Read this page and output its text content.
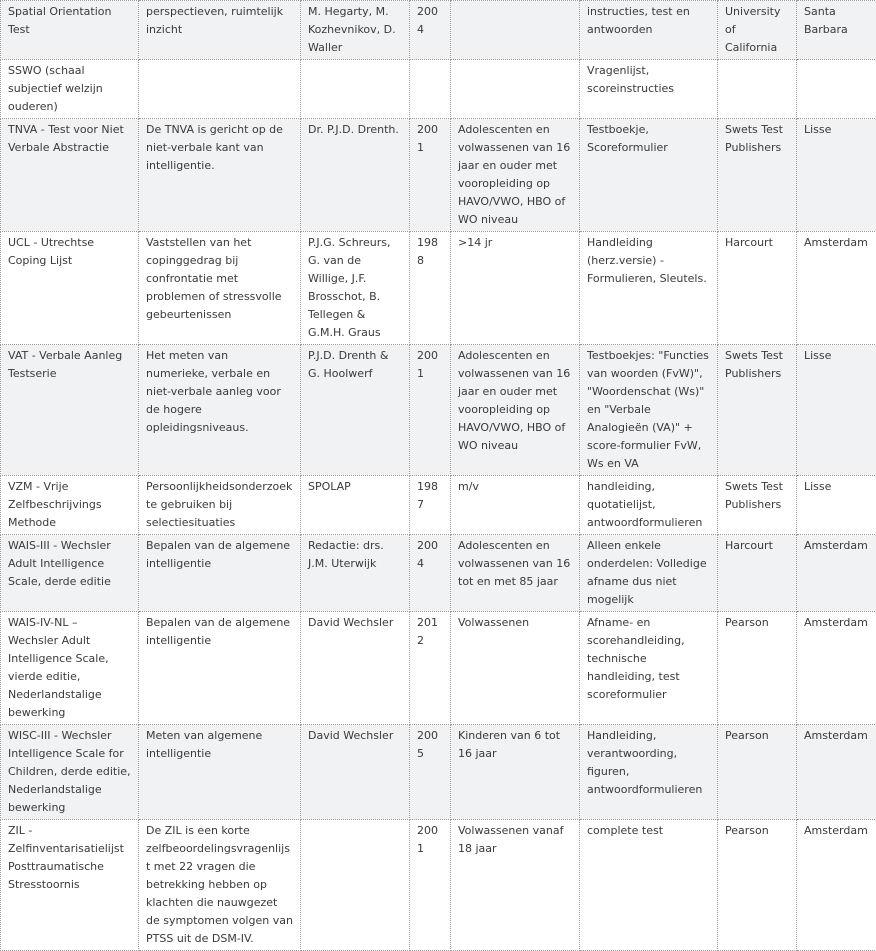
Spatial Orientation Test	perspectieven, ruimtelijk inzicht	M. Hegarty, M. Kozhevnikov, D. Waller	2004		instructies, test en antwoorden	University of California	Santa Barbara
SSWO (schaal subjectief welzijn ouderen)					Vragenlijst, scoreinstructies		
TNVA - Test voor Niet Verbale Abstractie	De TNVA is gericht op de niet-verbale kant van intelligentie.	Dr. P.J.D. Drenth.	2001	Adolescenten en volwassenen van 16 jaar en ouder met vooropleiding op HAVO/VWO, HBO of WO niveau	Testboekje, Scoreformulier	Swets Test Publishers	Lisse
UCL - Utrechtse Coping Lijst	Vaststellen van het copinggedrag bij confrontatie met problemen of stressvolle gebeurtenissen	P.J.G. Schreurs, G. van de Willige, J.F. Brosschot, B. Tellegen & G.M.H. Graus	1988	>14 jr	Handleiding (herz.versie) - Formulieren, Sleutels.	Harcourt	Amsterdam
VAT - Verbale Aanleg Testserie	Het meten van numerieke, verbale en niet-verbale aanleg voor de hogere opleidingsniveaus.	P.J.D. Drenth & G. Hoolwerf	2001	Adolescenten en volwassenen van 16 jaar en ouder met vooropleiding op HAVO/VWO, HBO of WO niveau	Testboekjes: "Functies van woorden (FvW)", "Woordenschat (Ws)" en "Verbale Analogieën (VA)" + score-formulier FvW, Ws en VA	Swets Test Publishers	Lisse
VZM - Vrije Zelfbeschrijvings Methode	Persoonlijkheidsonderzoek te gebruiken bij selectiesituaties	SPOLAP	1987	m/v	handleiding, quotatielijst, antwoordformulieren	Swets Test Publishers	Lisse
WAIS-III - Wechsler Adult Intelligence Scale, derde editie	Bepalen van de algemene intelligentie	Redactie: drs. J.M. Uterwijk	2004	Adolescenten en volwassenen van 16 tot en met 85 jaar	Alleen enkele onderdelen: Volledige afname dus niet mogelijk	Harcourt	Amsterdam
WAIS-IV-NL – Wechsler Adult Intelligence Scale, vierde editie, Nederlandstalige bewerking	Bepalen van de algemene intelligentie	David Wechsler	2012	Volwassenen	Afname- en scorehandleiding, technische handleiding, test scoreformulier	Pearson	Amsterdam
WISC-III - Wechsler Intelligence Scale for Children, derde editie, Nederlandstalige bewerking	Meten van algemene intelligentie	David Wechsler	2005	Kinderen van 6 tot 16 jaar	Handleiding, verantwoording, figuren, antwoordformulieren	Pearson	Amsterdam
ZIL - Zelfinventarisatielijst Posttraumatische Stresstoornis	De ZIL is een korte zelfbeoordelingsvragenlijst met 22 vragen die betrekking hebben op klachten die nauwgezet de symptomen volgen van PTSS uit de DSM-IV.		2001	Volwassenen vanaf 18 jaar	complete test	Pearson	Amsterdam
